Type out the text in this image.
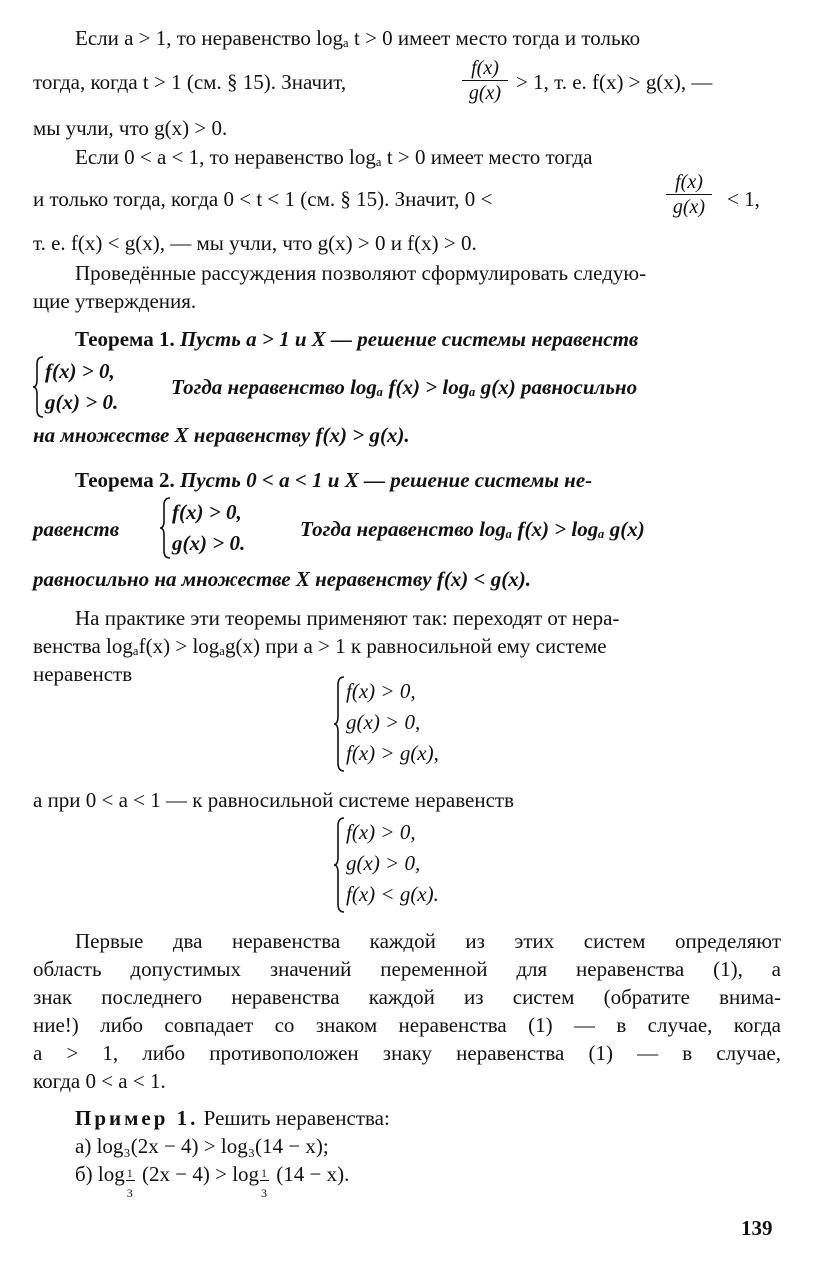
Если a > 1, то неравенство logₐ t > 0 имеет место тогда и только
тогда, когда t > 1 (см. § 15). Значит,
f(x)
g(x) > 1, т. е. f(x) > g(x), —
мы учли, что g(x) > 0.
Если 0 < a < 1, то неравенство logₐ t > 0 имеет место тогда
и только тогда, когда 0 < t < 1 (см. § 15). Значит, 0 <
f(x)
g(x)	< 1,
т. е. f(x) < g(x), — мы учли, что g(x) > 0 и f(x) > 0.
Проведённые рассуждения позволяют сформулировать следую-
щие утверждения.
Теорема 1. Пусть a > 1 и X — решение системы неравенств
f(x) > 0,
g(x) > 0.
Тогда неравенство logₐ f(x) > logₐ g(x) равносильно
на множестве X неравенству f(x) > g(x).
Теорема 2. Пусть 0 < a < 1 и X — решение системы не-
равенств
f(x) > 0,
g(x) > 0.
Тогда неравенство logₐ f(x) > logₐ g(x)
равносильно на множестве X неравенству f(x) < g(x).
На практике эти теоремы применяют так: переходят от нера-
венства logₐf(x) > logₐg(x) при a > 1 к равносильной ему системе
неравенств
f(x) > 0,
g(x) > 0,
f(x) > g(x),
а при 0 < a < 1 — к равносильной системе неравенств
f(x) > 0,
g(x) > 0,
f(x) < g(x).
Первые два неравенства каждой из этих систем определяют
область допустимых значений переменной для неравенства (1), а
знак последнего неравенства каждой из систем (обратите внима-
ние!) либо совпадает со знаком неравенства (1) — в случае, когда
a > 1, либо противоположен знаку неравенства (1) — в случае,
когда 0 < a < 1.
Пример 1. Решить неравенства:
а) log₃(2x − 4) > log₃(14 − x);
б) $\log \frac{1}{3} (2x - 4) > \log \frac{1}{3} (14 - x)$.
139
